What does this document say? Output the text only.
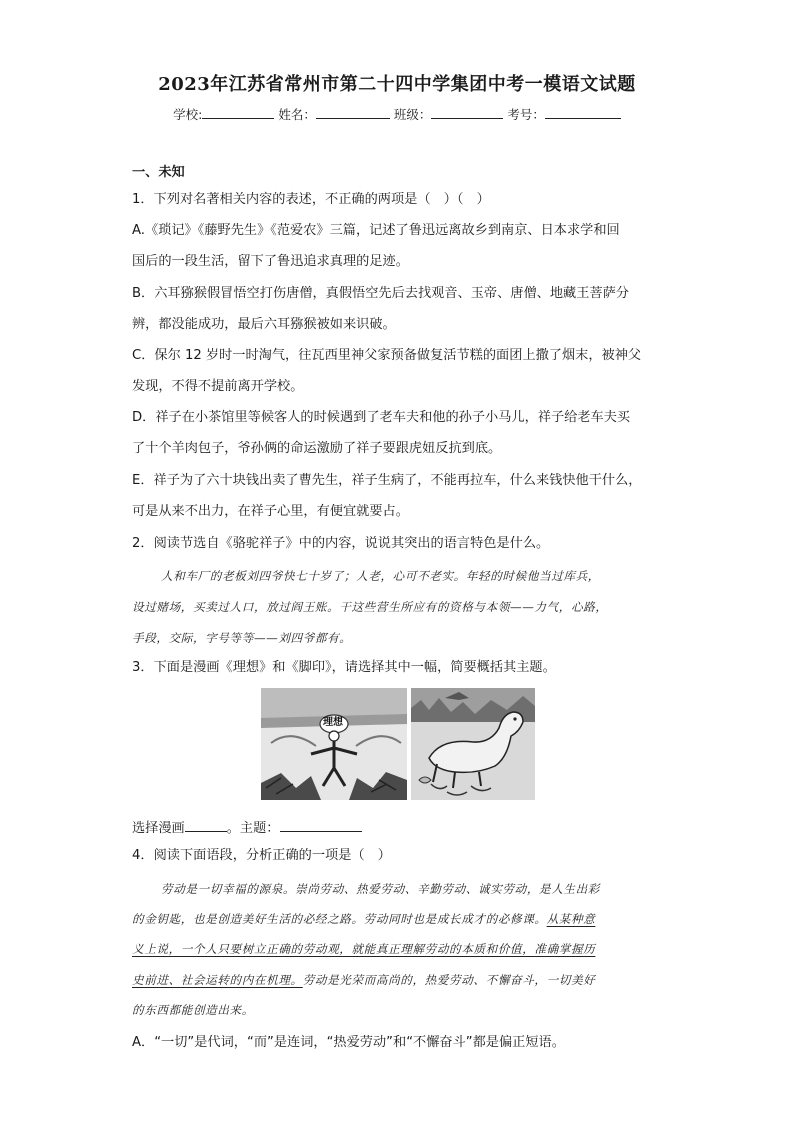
2023年江苏省常州市第二十四中学集团中考一模语文试题
学校:	姓名：	班级：	考号：
一、未知
1．下列对名著相关内容的表述，不正确的两项是（　）（　）
A.《琐记》《藤野先生》《范爱农》三篇，记述了鲁迅远离故乡到南京、日本求学和回
国后的一段生活，留下了鲁迅追求真理的足迹。
B．六耳猕猴假冒悟空打伤唐僧，真假悟空先后去找观音、玉帝、唐僧、地藏王菩萨分
辨，都没能成功，最后六耳猕猴被如来识破。
C．保尔 12 岁时一时淘气，往瓦西里神父家预备做复活节糕的面团上撒了烟末，被神父
发现，不得不提前离开学校。
D．祥子在小茶馆里等候客人的时候遇到了老车夫和他的孙子小马儿，祥子给老车夫买
了十个羊肉包子，爷孙俩的命运激励了祥子要跟虎妞反抗到底。
E．祥子为了六十块钱出卖了曹先生，祥子生病了，不能再拉车，什么来钱快他干什么，
可是从来不出力，在祥子心里，有便宜就要占。
2．阅读节选自《骆驼祥子》中的内容，说说其突出的语言特色是什么。
人和车厂的老板刘四爷快七十岁了；人老，心可不老实。年轻的时候他当过库兵，
设过赌场，买卖过人口，放过阎王账。干这些营生所应有的资格与本领——力气，心路，
手段，交际，字号等等——刘四爷都有。
3．下面是漫画《理想》和《脚印》，请选择其中一幅，简要概括其主题。
理想
选择漫画	。主题：
4．阅读下面语段，分析正确的一项是（　）
劳动是一切幸福的源泉。崇尚劳动、热爱劳动、辛勤劳动、诚实劳动，是人生出彩
的金钥匙，也是创造美好生活的必经之路。劳动同时也是成长成才的必修课。从某种意
义上说，一个人只要树立正确的劳动观，就能真正理解劳动的本质和价值，准确掌握历
史前进、社会运转的内在机理。劳动是光荣而高尚的，热爱劳动、不懈奋斗，一切美好
的东西都能创造出来。
A．“一切”是代词，“而”是连词，“热爱劳动”和“不懈奋斗”都是偏正短语。
